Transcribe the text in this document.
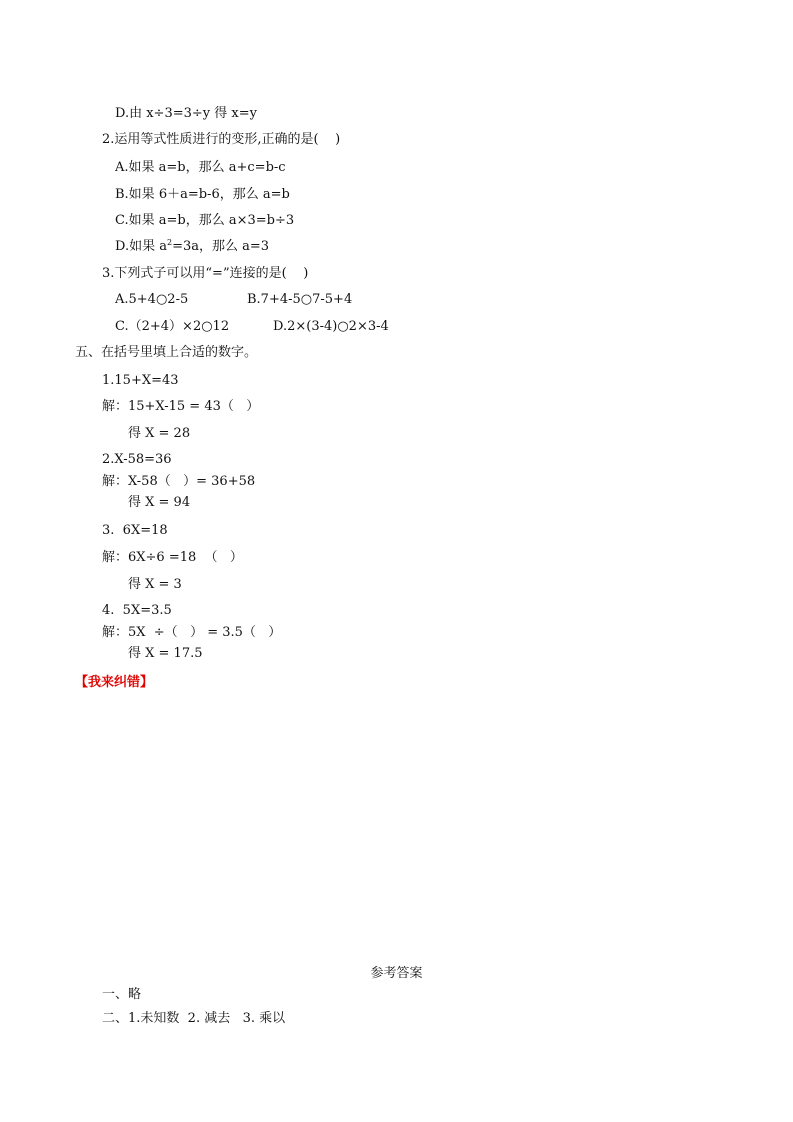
D.由 x÷3=3÷y 得 x=y
2.运用等式性质进行的变形,正确的是(    )
A.如果 a=b，那么 a+c=b-c
B.如果 6＋a=b-6，那么 a=b
C.如果 a=b，那么 a×3=b÷3
D.如果 $a^2=3a$，那么 a=3
3.下列式子可以用“=”连接的是(    )
A.5+4○2-5	B.7+4-5○7-5+4
C.（2+4）×2○12	D.2×(3-4)○2×3-4
五、在括号里填上合适的数字。
1.15+X=43
解：15+X-15 = 43（   ）
得 X = 28
2.X-58=36
解：X-58（   ）= 36+58
得 X = 94
3.  6X=18
解：6X÷6 =18  （   ）
得 X = 3
4.  5X=3.5
解：5X  ÷（   ） = 3.5（   ）
得 X = 17.5
【我来纠错】
参考答案
一、略
二、1.未知数  2. 减去   3. 乘以
